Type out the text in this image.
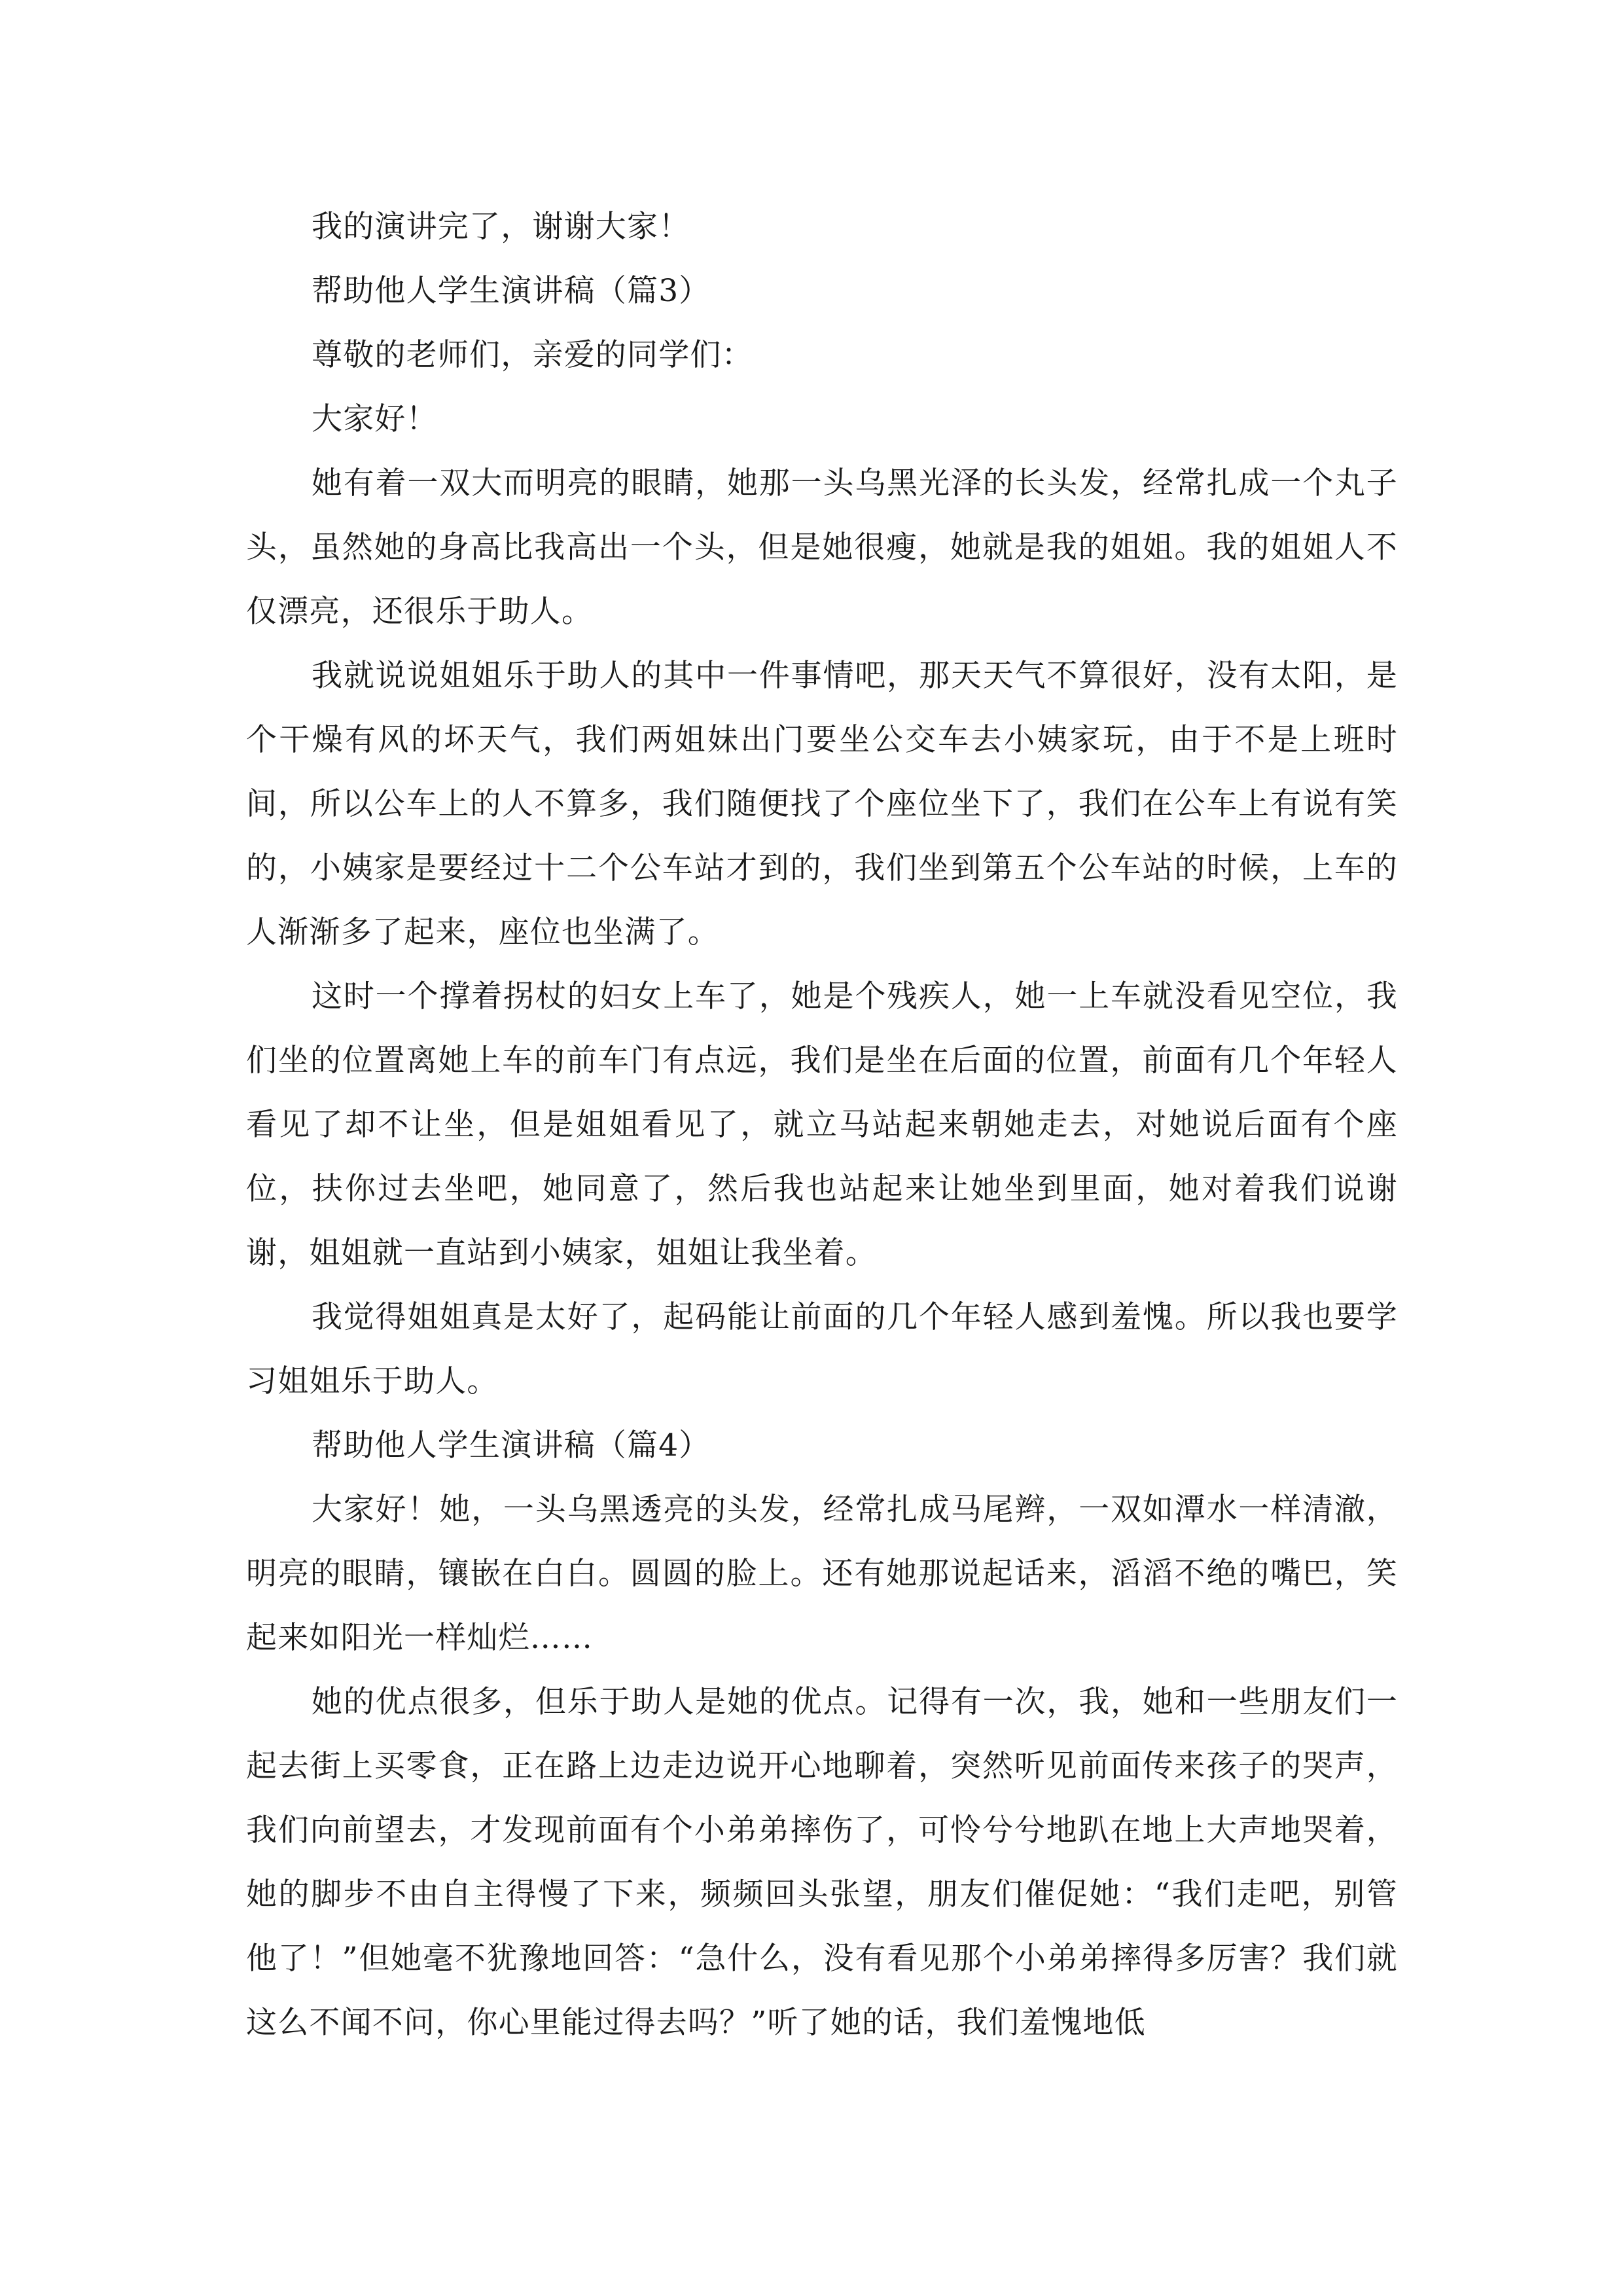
我的演讲完了，谢谢大家！

帮助他人学生演讲稿（篇3）

尊敬的老师们，亲爱的同学们：

大家好！

她有着一双大而明亮的眼睛，她那一头乌黑光泽的长头发，经常扎成一个丸子头，虽然她的身高比我高出一个头，但是她很瘦，她就是我的姐姐。我的姐姐人不仅漂亮，还很乐于助人。

我就说说姐姐乐于助人的其中一件事情吧，那天天气不算很好，没有太阳，是个干燥有风的坏天气，我们两姐妹出门要坐公交车去小姨家玩，由于不是上班时间，所以公车上的人不算多，我们随便找了个座位坐下了，我们在公车上有说有笑的，小姨家是要经过十二个公车站才到的，我们坐到第五个公车站的时候，上车的人渐渐多了起来，座位也坐满了。

这时一个撑着拐杖的妇女上车了，她是个残疾人，她一上车就没看见空位，我们坐的位置离她上车的前车门有点远，我们是坐在后面的位置，前面有几个年轻人看见了却不让坐，但是姐姐看见了，就立马站起来朝她走去，对她说后面有个座位，扶你过去坐吧，她同意了，然后我也站起来让她坐到里面，她对着我们说谢谢，姐姐就一直站到小姨家，姐姐让我坐着。

我觉得姐姐真是太好了，起码能让前面的几个年轻人感到羞愧。所以我也要学习姐姐乐于助人。

帮助他人学生演讲稿（篇4）

大家好！她，一头乌黑透亮的头发，经常扎成马尾辫，一双如潭水一样清澈，明亮的眼睛，镶嵌在白白。圆圆的脸上。还有她那说起话来，滔滔不绝的嘴巴，笑起来如阳光一样灿烂……

她的优点很多，但乐于助人是她的优点。记得有一次，我，她和一些朋友们一起去街上买零食，正在路上边走边说开心地聊着，突然听见前面传来孩子的哭声，我们向前望去，才发现前面有个小弟弟摔伤了，可怜兮兮地趴在地上大声地哭着，她的脚步不由自主得慢了下来，频频回头张望，朋友们催促她：“我们走吧，别管他了！”但她毫不犹豫地回答：“急什么，没有看见那个小弟弟摔得多厉害？我们就这么不闻不问，你心里能过得去吗？”听了她的话，我们羞愧地低
